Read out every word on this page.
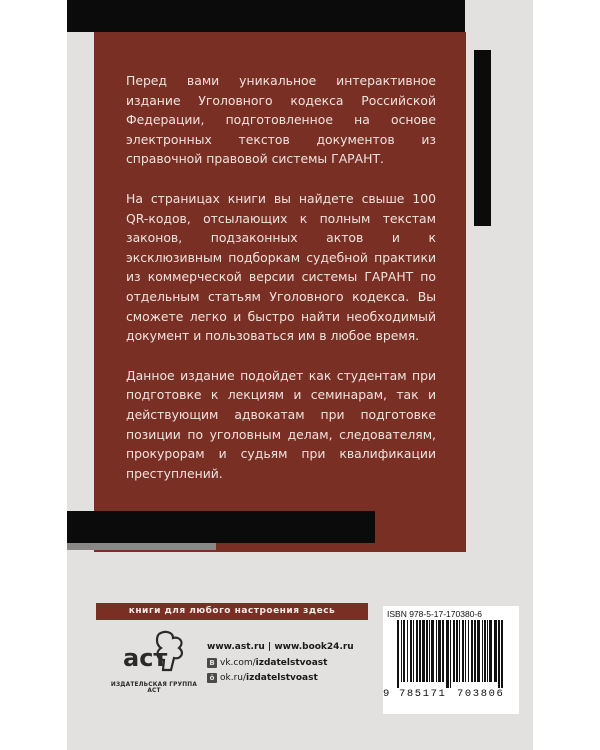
Перед вами уникальное интерактивное издание Уголовного кодекса Российской Федерации, подготовленное на основе электронных текстов документов из справочной правовой системы ГАРАНТ.

На страницах книги вы найдете свыше 100 QR-кодов, отсылающих к полным текстам законов, подзаконных актов и к эксклюзивным подборкам судебной практики из коммерческой версии системы ГАРАНТ по отдельным статьям Уголовного кодекса. Вы сможете легко и быстро найти необходимый документ и пользоваться им в любое время.

Данное издание подойдет как студентам при подготовке к лекциям и семинарам, так и действующим адвокатам при подготовке позиции по уголовным делам, следователям, прокурорам и судьям при квалификации преступлений.

книги для любого настроения здесь
аст
ИЗДАТЕЛЬСКАЯ ГРУППА АСТ
www.ast.ru | www.book24.ru
B vk.com/ izdatelstvoast
ö ok.ru/ izdatelstvoast
ISBN 978-5-17-170380-6
9 785171 703806
